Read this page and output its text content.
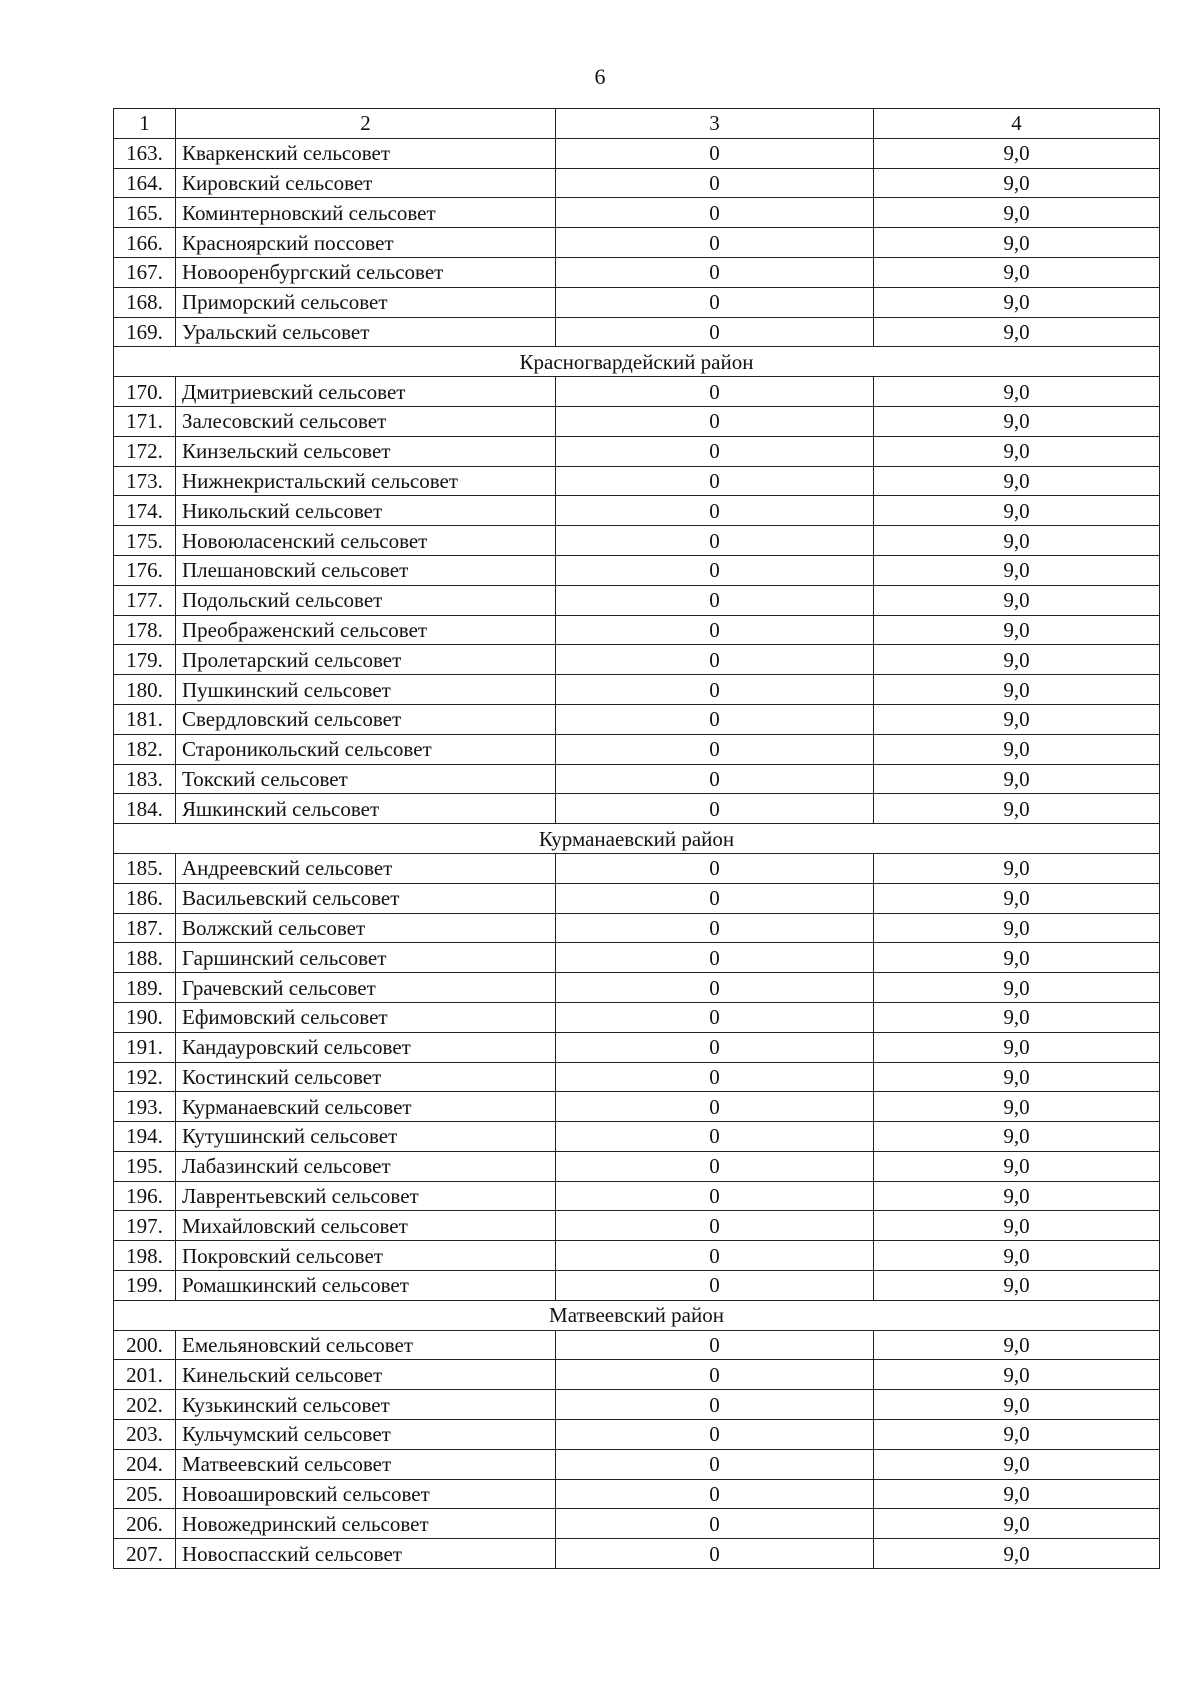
6
1	2	3	4
163.	Кваркенский сельсовет	0	9,0
164.	Кировский сельсовет	0	9,0
165.	Коминтерновский сельсовет	0	9,0
166.	Красноярский поссовет	0	9,0
167.	Новооренбургский сельсовет	0	9,0
168.	Приморский сельсовет	0	9,0
169.	Уральский сельсовет	0	9,0
Красногвардейский район			
170.	Дмитриевский сельсовет	0	9,0
171.	Залесовский сельсовет	0	9,0
172.	Кинзельский сельсовет	0	9,0
173.	Нижнекристальский сельсовет	0	9,0
174.	Никольский сельсовет	0	9,0
175.	Новоюласенский сельсовет	0	9,0
176.	Плешановский сельсовет	0	9,0
177.	Подольский сельсовет	0	9,0
178.	Преображенский сельсовет	0	9,0
179.	Пролетарский сельсовет	0	9,0
180.	Пушкинский сельсовет	0	9,0
181.	Свердловский сельсовет	0	9,0
182.	Староникольский сельсовет	0	9,0
183.	Токский сельсовет	0	9,0
184.	Яшкинский сельсовет	0	9,0
Курманаевский район			
185.	Андреевский сельсовет	0	9,0
186.	Васильевский сельсовет	0	9,0
187.	Волжский сельсовет	0	9,0
188.	Гаршинский сельсовет	0	9,0
189.	Грачевский сельсовет	0	9,0
190.	Ефимовский сельсовет	0	9,0
191.	Кандауровский сельсовет	0	9,0
192.	Костинский сельсовет	0	9,0
193.	Курманаевский сельсовет	0	9,0
194.	Кутушинский сельсовет	0	9,0
195.	Лабазинский сельсовет	0	9,0
196.	Лаврентьевский сельсовет	0	9,0
197.	Михайловский сельсовет	0	9,0
198.	Покровский сельсовет	0	9,0
199.	Ромашкинский сельсовет	0	9,0
Матвеевский район			
200.	Емельяновский сельсовет	0	9,0
201.	Кинельский сельсовет	0	9,0
202.	Кузькинский сельсовет	0	9,0
203.	Кульчумский сельсовет	0	9,0
204.	Матвеевский сельсовет	0	9,0
205.	Новоашировский сельсовет	0	9,0
206.	Новожедринский сельсовет	0	9,0
207.	Новоспасский сельсовет	0	9,0
